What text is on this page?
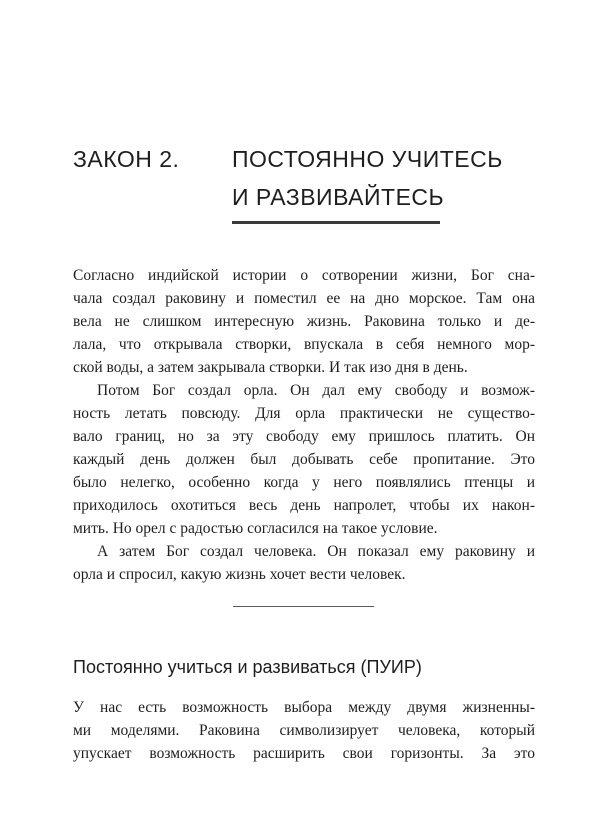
ЗАКОН 2. ПОСТОЯННО УЧИТЕСЬ
И РАЗВИВАЙТЕСЬ
Согласно индийской истории о сотворении жизни, Бог сна-
чала создал раковину и поместил ее на дно морское. Там она
вела не слишком интересную жизнь. Раковина только и де-
лала, что открывала створки, впускала в себя немного мор-
ской воды, а затем закрывала створки. И так изо дня в день.
Потом Бог создал орла. Он дал ему свободу и возмож-
ность летать повсюду. Для орла практически не существо-
вало границ, но за эту свободу ему пришлось платить. Он
каждый день должен был добывать себе пропитание. Это
было нелегко, особенно когда у него появлялись птенцы и
приходилось охотиться весь день напролет, чтобы их након-
мить. Но орел с радостью согласился на такое условие.
А затем Бог создал человека. Он показал ему раковину и
орла и спросил, какую жизнь хочет вести человек.
Постоянно учиться и развиваться (ПУИР)
У нас есть возможность выбора между двумя жизненны-
ми моделями. Раковина символизирует человека, который
упускает возможность расширить свои горизонты. За это
